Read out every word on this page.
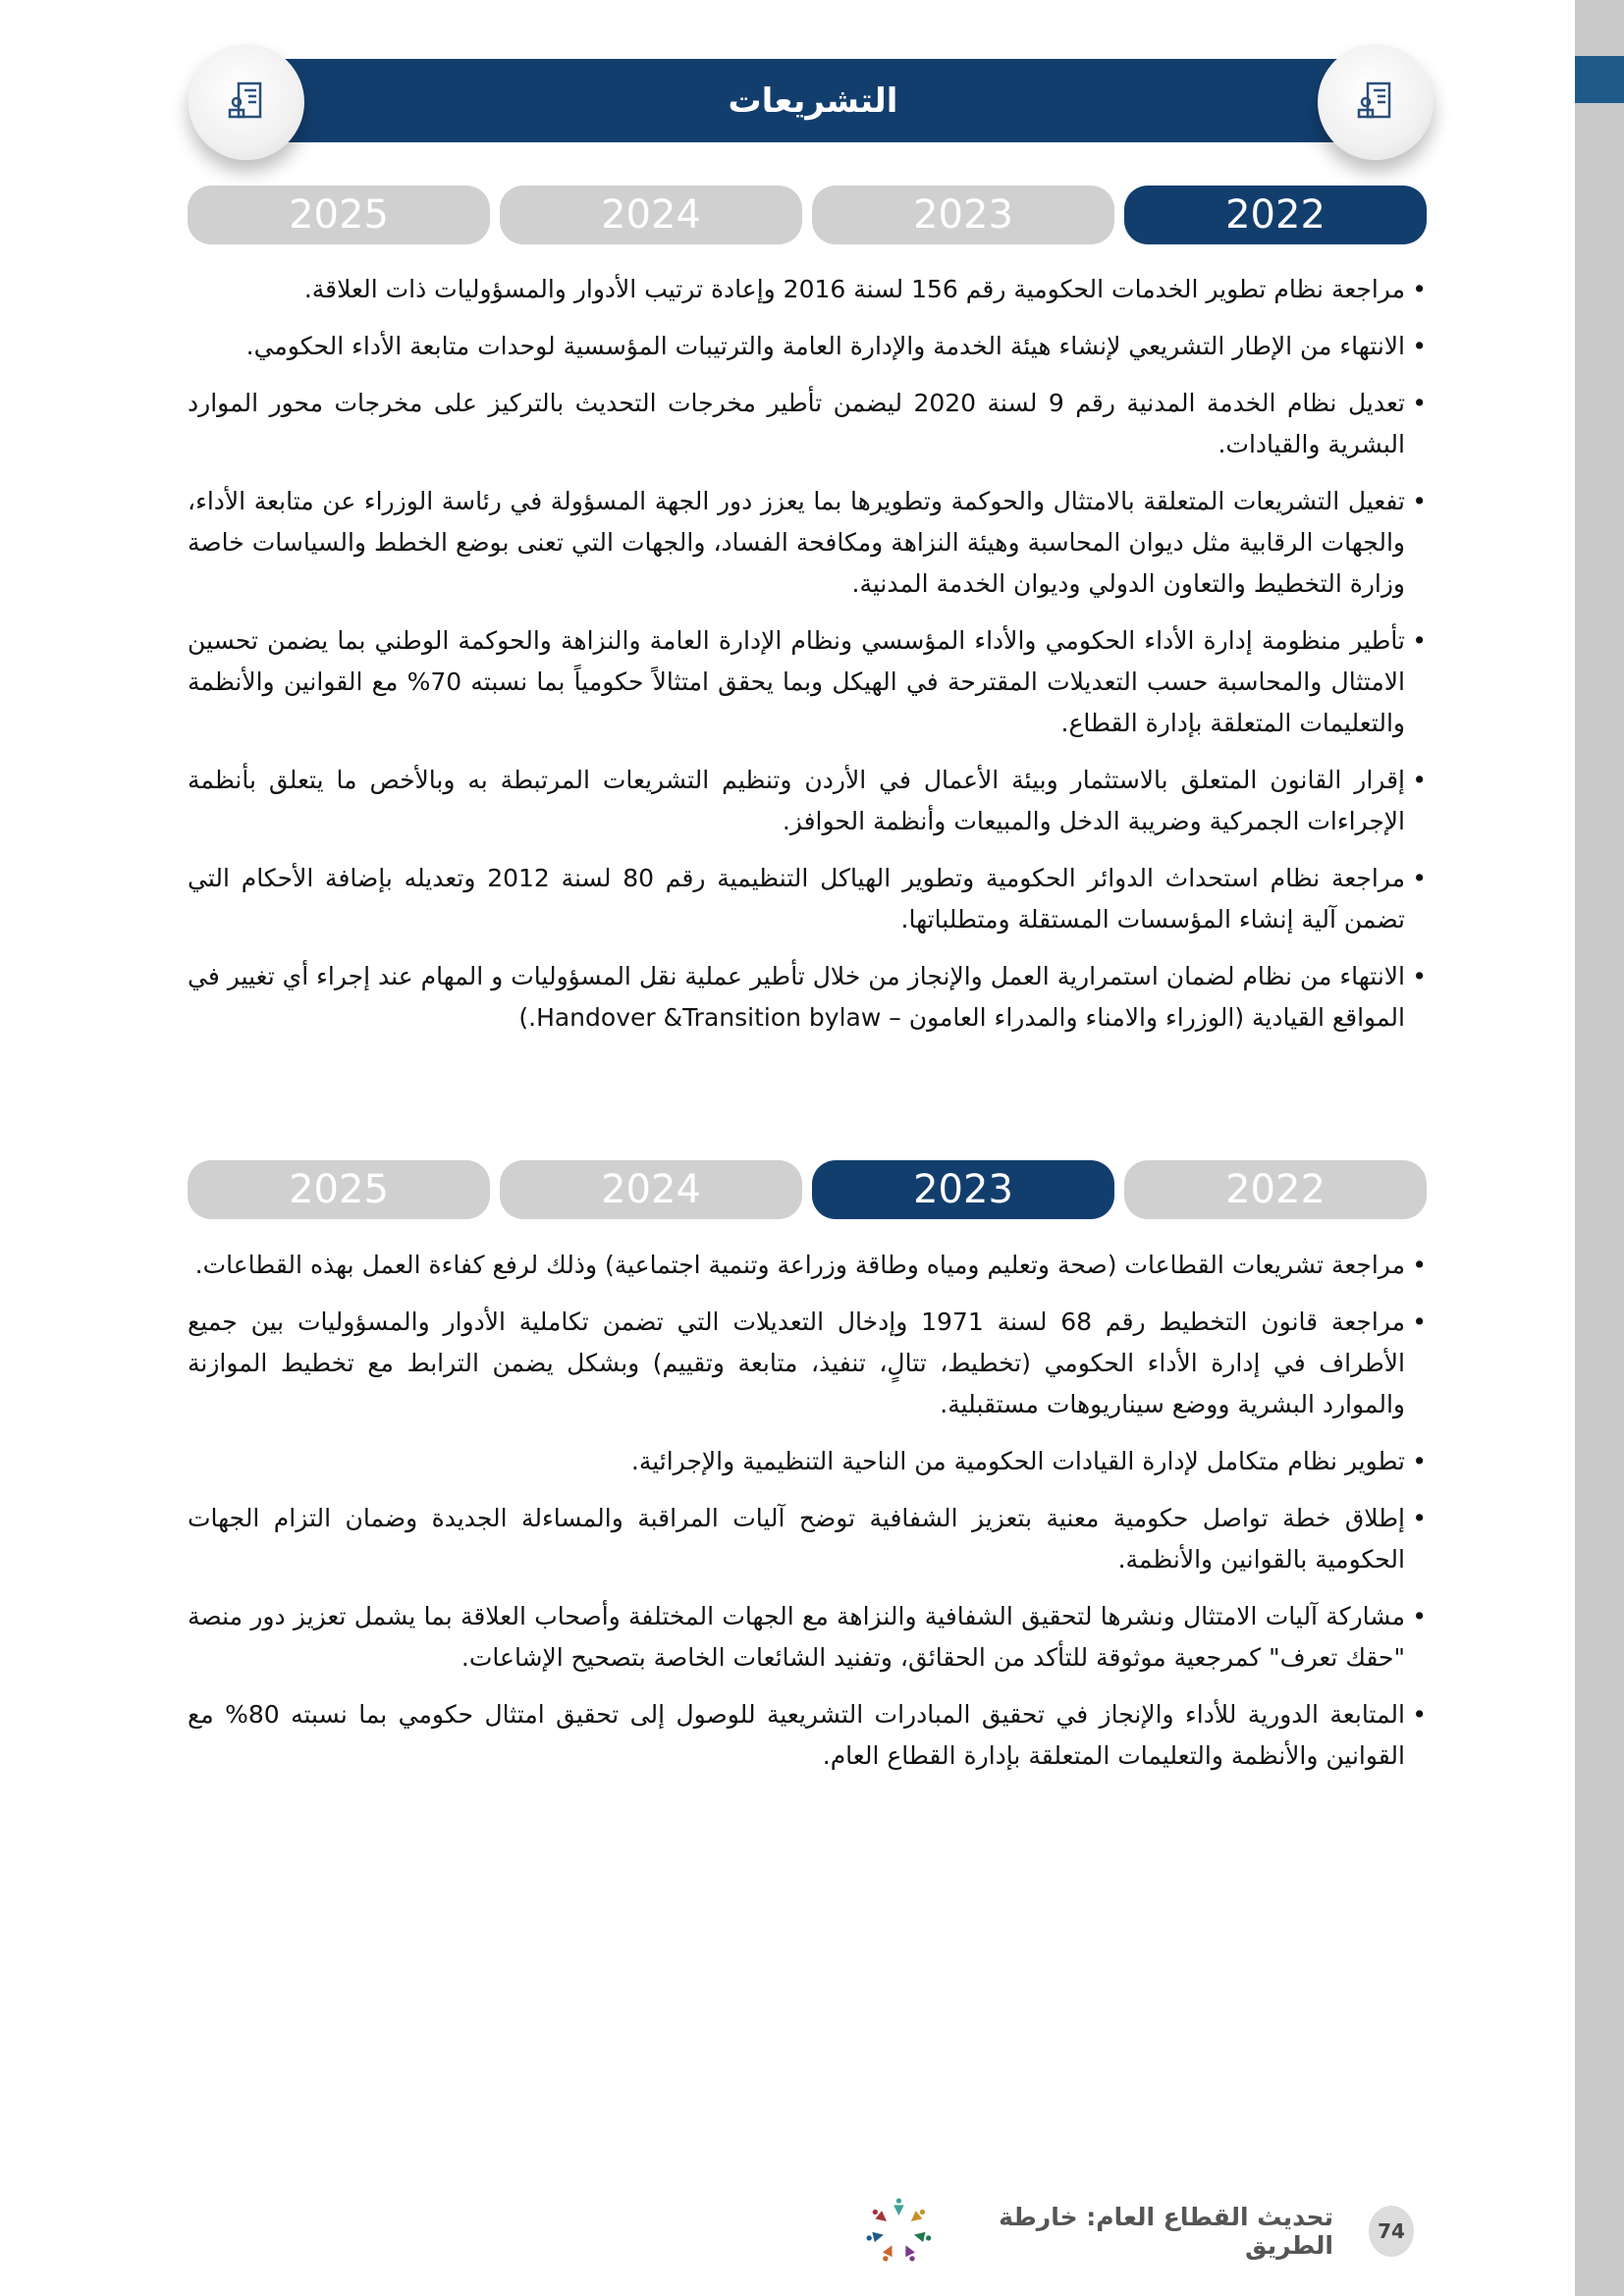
التشريعات
2022
2023
2024
2025
•
مراجعة نظام تطوير الخدمات الحكومية رقم 156 لسنة 2016 وإعادة ترتيب الأدوار والمسؤوليات ذات العلاقة.
•
الانتهاء من الإطار التشريعي لإنشاء هيئة الخدمة والإدارة العامة والترتيبات المؤسسية لوحدات متابعة الأداء الحكومي.
•
تعديل نظام الخدمة المدنية رقم 9 لسنة 2020 ليضمن تأطير مخرجات التحديث بالتركيز على مخرجات محور الموارد البشرية والقيادات.
•
تفعيل التشريعات المتعلقة بالامتثال والحوكمة وتطويرها بما يعزز دور الجهة المسؤولة في رئاسة الوزراء عن متابعة الأداء، والجهات الرقابية مثل ديوان المحاسبة وهيئة النزاهة ومكافحة الفساد، والجهات التي تعنى بوضع الخطط والسياسات خاصة وزارة التخطيط والتعاون الدولي وديوان الخدمة المدنية.
•
تأطير منظومة إدارة الأداء الحكومي والأداء المؤسسي ونظام الإدارة العامة والنزاهة والحوكمة الوطني بما يضمن تحسين الامتثال والمحاسبة حسب التعديلات المقترحة في الهيكل وبما يحقق امتثالاً حكومياً بما نسبته 70% مع القوانين والأنظمة والتعليمات المتعلقة بإدارة القطاع.
•
إقرار القانون المتعلق بالاستثمار وبيئة الأعمال في الأردن وتنظيم التشريعات المرتبطة به وبالأخص ما يتعلق بأنظمة الإجراءات الجمركية وضريبة الدخل والمبيعات وأنظمة الحوافز.
•
مراجعة نظام استحداث الدوائر الحكومية وتطوير الهياكل التنظيمية رقم 80 لسنة 2012 وتعديله بإضافة الأحكام التي تضمن آلية إنشاء المؤسسات المستقلة ومتطلباتها.
•
الانتهاء من نظام لضمان استمرارية العمل والإنجاز من خلال تأطير عملية نقل المسؤوليات و المهام عند إجراء أي تغيير في المواقع القيادية (الوزراء والامناء والمدراء العامون – Handover &Transition bylaw.)
2022
2023
2024
2025
•
مراجعة تشريعات القطاعات (صحة وتعليم ومياه وطاقة وزراعة وتنمية اجتماعية) وذلك لرفع كفاءة العمل بهذه القطاعات.
•
مراجعة قانون التخطيط رقم 68 لسنة 1971 وإدخال التعديلات التي تضمن تكاملية الأدوار والمسؤوليات بين جميع الأطراف في إدارة الأداء الحكومي (تخطيط، تتالٍ، تنفيذ، متابعة وتقييم) وبشكل يضمن الترابط مع تخطيط الموازنة والموارد البشرية ووضع سيناريوهات مستقبلية.
•
تطوير نظام متكامل لإدارة القيادات الحكومية من الناحية التنظيمية والإجرائية.
•
إطلاق خطة تواصل حكومية معنية بتعزيز الشفافية توضح آليات المراقبة والمساءلة الجديدة وضمان التزام الجهات الحكومية بالقوانين والأنظمة.
•
مشاركة آليات الامتثال ونشرها لتحقيق الشفافية والنزاهة مع الجهات المختلفة وأصحاب العلاقة بما يشمل تعزيز دور منصة "حقك تعرف" كمرجعية موثوقة للتأكد من الحقائق، وتفنيد الشائعات الخاصة بتصحيح الإشاعات.
•
المتابعة الدورية للأداء والإنجاز في تحقيق المبادرات التشريعية للوصول إلى تحقيق امتثال حكومي بما نسبته 80% مع القوانين والأنظمة والتعليمات المتعلقة بإدارة القطاع العام.
74
تحديث القطاع العام: خارطة الطريق
